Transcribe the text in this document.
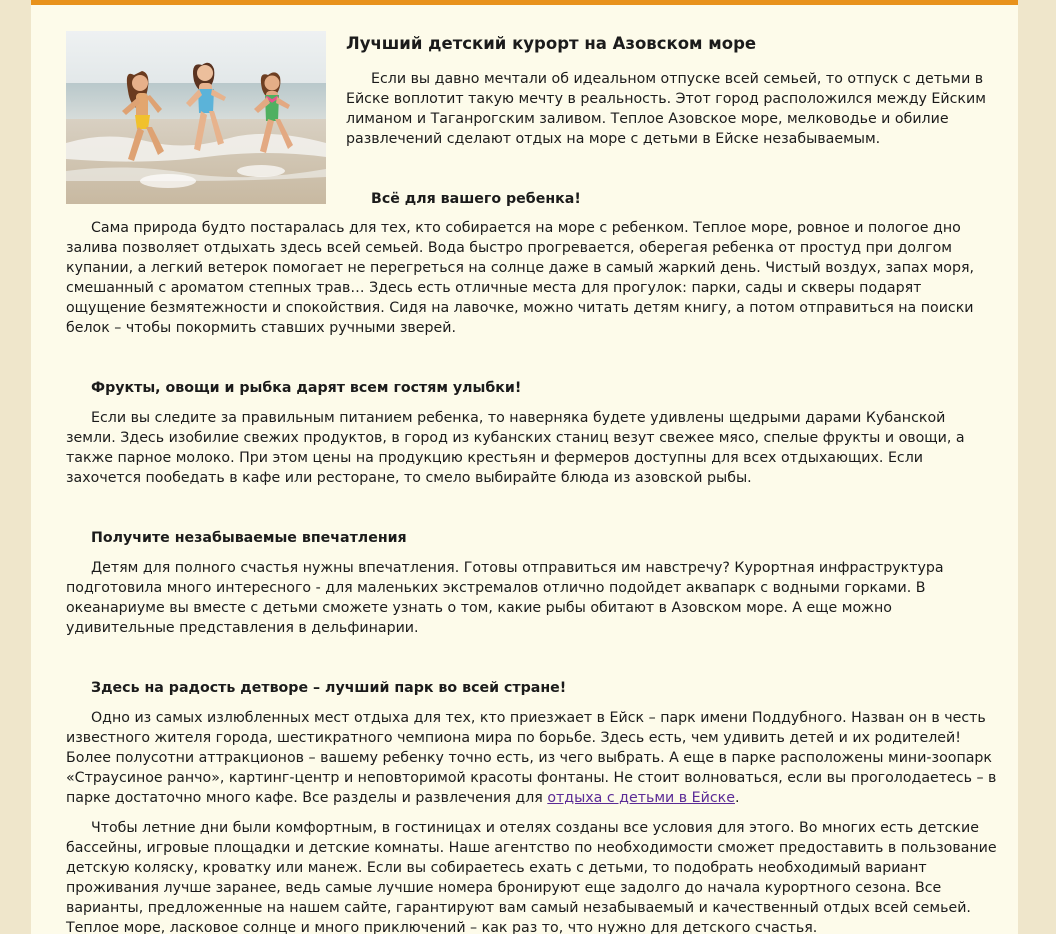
Лучший детский курорт на Азовском море

Если вы давно мечтали об идеальном отпуске всей семьей, то отпуск с детьми в Ейске воплотит такую мечту в реальность. Этот город расположился между Ейским лиманом и Таганрогским заливом. Теплое Азовское море, мелководье и обилие развлечений сделают отдых на море с детьми в Ейске незабываемым.

Всё для вашего ребенка!

Сама природа будто постаралась для тех, кто собирается на море с ребенком. Теплое море, ровное и пологое дно залива позволяет отдыхать здесь всей семьей. Вода быстро прогревается, оберегая ребенка от простуд при долгом купании, а легкий ветерок помогает не перегреться на солнце даже в самый жаркий день. Чистый воздух, запах моря, смешанный с ароматом степных трав… Здесь есть отличные места для прогулок: парки, сады и скверы подарят ощущение безмятежности и спокойствия. Сидя на лавочке, можно читать детям книгу, а потом отправиться на поиски белок – чтобы покормить ставших ручными зверей.

Фрукты, овощи и рыбка дарят всем гостям улыбки!

Если вы следите за правильным питанием ребенка, то наверняка будете удивлены щедрыми дарами Кубанской земли. Здесь изобилие свежих продуктов, в город из кубанских станиц везут свежее мясо, спелые фрукты и овощи, а также парное молоко. При этом цены на продукцию крестьян и фермеров доступны для всех отдыхающих. Если захочется пообедать в кафе или ресторане, то смело выбирайте блюда из азовской рыбы.

Получите незабываемые впечатления

Детям для полного счастья нужны впечатления. Готовы отправиться им навстречу? Курортная инфраструктура подготовила много интересного - для маленьких экстремалов отлично подойдет аквапарк с водными горками. В океанариуме вы вместе с детьми сможете узнать о том, какие рыбы обитают в Азовском море. А еще можно удивительные представления в дельфинарии.

Здесь на радость детворе – лучший парк во всей стране!

Одно из самых излюбленных мест отдыха для тех, кто приезжает в Ейск – парк имени Поддубного. Назван он в честь известного жителя города, шестикратного чемпиона мира по борьбе. Здесь есть, чем удивить детей и их родителей! Более полусотни аттракционов – вашему ребенку точно есть, из чего выбрать. А еще в парке расположены мини-зоопарк «Страусиное ранчо», картинг-центр и неповторимой красоты фонтаны. Не стоит волноваться, если вы проголодаетесь – в парке достаточно много кафе. Все разделы и развлечения для отдыха с детьми в Ейске.

Чтобы летние дни были комфортным, в гостиницах и отелях созданы все условия для этого. Во многих есть детские бассейны, игровые площадки и детские комнаты. Наше агентство по необходимости сможет предоставить в пользование детскую коляску, кроватку или манеж. Если вы собираетесь ехать с детьми, то подобрать необходимый вариант проживания лучше заранее, ведь самые лучшие номера бронируют еще задолго до начала курортного сезона. Все варианты, предложенные на нашем сайте, гарантируют вам самый незабываемый и качественный отдых всей семьей. Теплое море, ласковое солнце и много приключений – как раз то, что нужно для детского счастья.
